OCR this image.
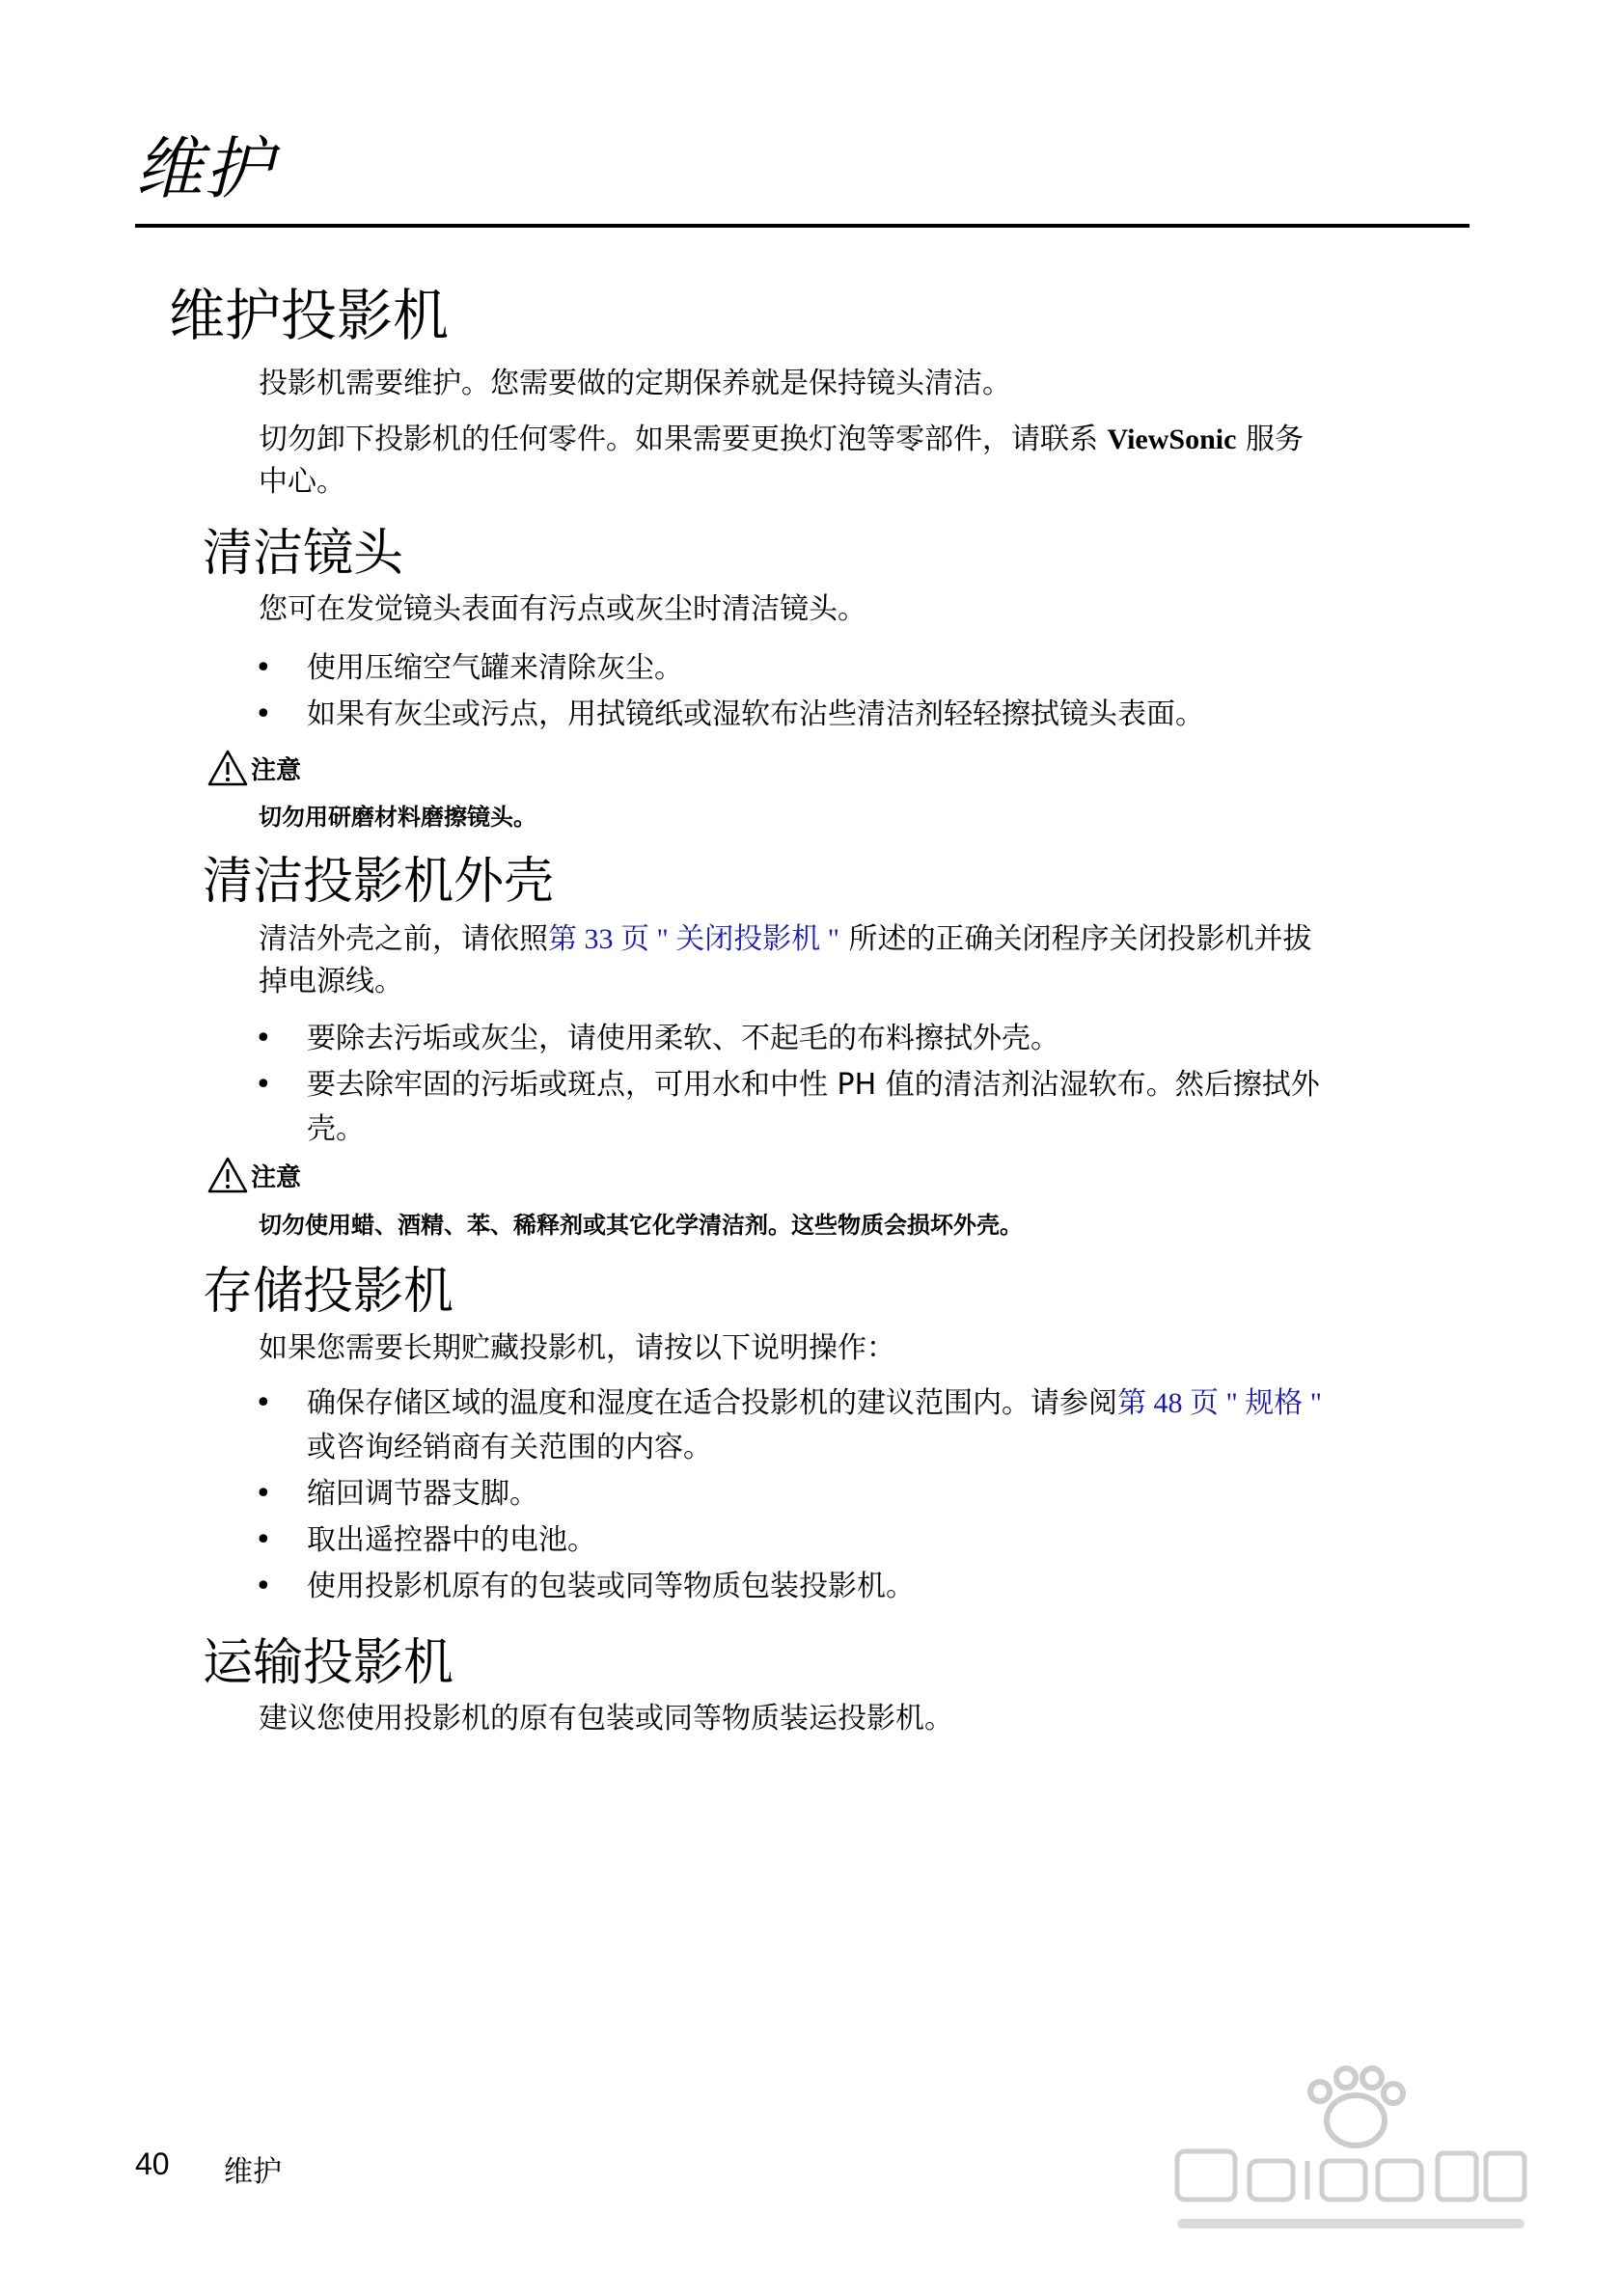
维护
维护投影机
投影机需要维护。您需要做的定期保养就是保持镜头清洁。
切勿卸下投影机的任何零件。如果需要更换灯泡等零部件，请联系 ViewSonic 服务
中心。
清洁镜头
您可在发觉镜头表面有污点或灰尘时清洁镜头。
•	使用压缩空气罐来清除灰尘。
•	如果有灰尘或污点，用拭镜纸或湿软布沾些清洁剂轻轻擦拭镜头表面。
注意
切勿用研磨材料磨擦镜头。
清洁投影机外壳
清洁外壳之前，请依照第 33 页 " 关闭投影机 " 所述的正确关闭程序关闭投影机并拔
掉电源线。
•	要除去污垢或灰尘，请使用柔软、不起毛的布料擦拭外壳。
•	要去除牢固的污垢或斑点，可用水和中性 PH 值的清洁剂沾湿软布。然后擦拭外
壳。
注意
切勿使用蜡、酒精、苯、稀释剂或其它化学清洁剂。这些物质会损坏外壳。
存储投影机
如果您需要长期贮藏投影机，请按以下说明操作：
•	确保存储区域的温度和湿度在适合投影机的建议范围内。请参阅第 48 页 " 规格 "
或咨询经销商有关范围的内容。
•	缩回调节器支脚。
•	取出遥控器中的电池。
•	使用投影机原有的包装或同等物质包装投影机。
运输投影机
建议您使用投影机的原有包装或同等物质装运投影机。
40 维护
